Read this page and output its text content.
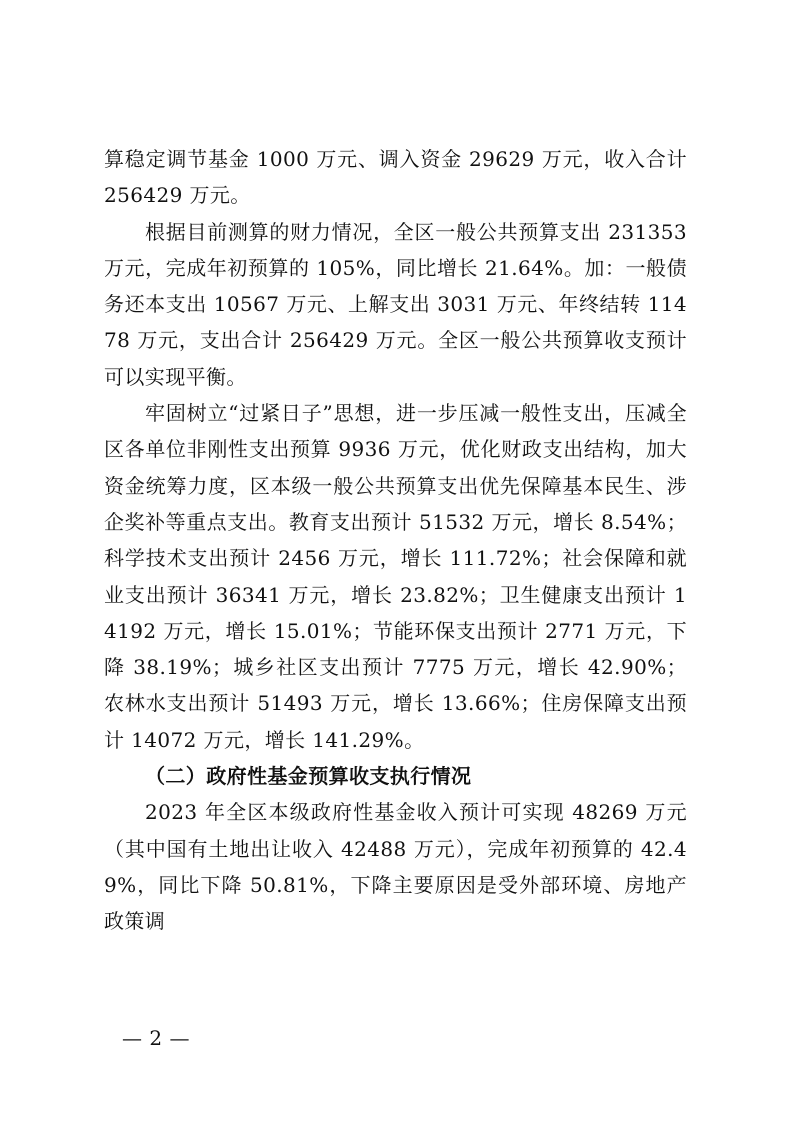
算稳定调节基金 1000 万元、调入资金 29629 万元，收入合计 256429 万元。

根据目前测算的财力情况，全区一般公共预算支出 231353 万元，完成年初预算的 105%，同比增长 21.64%。加：一般债务还本支出 10567 万元、上解支出 3031 万元、年终结转 11478 万元，支出合计 256429 万元。全区一般公共预算收支预计可以实现平衡。

牢固树立“过紧日子”思想，进一步压减一般性支出，压减全区各单位非刚性支出预算 9936 万元，优化财政支出结构，加大资金统筹力度，区本级一般公共预算支出优先保障基本民生、涉企奖补等重点支出。教育支出预计 51532 万元，增长 8.54%；科学技术支出预计 2456 万元，增长 111.72%；社会保障和就业支出预计 36341 万元，增长 23.82%；卫生健康支出预计 14192 万元，增长 15.01%；节能环保支出预计 2771 万元，下降 38.19%；城乡社区支出预计 7775 万元，增长 42.90%；农林水支出预计 51493 万元，增长 13.66%；住房保障支出预计 14072 万元，增长 141.29%。

（二）政府性基金预算收支执行情况

2023 年全区本级政府性基金收入预计可实现 48269 万元（其中国有土地出让收入 42488 万元），完成年初预算的 42.49%，同比下降 50.81%，下降主要原因是受外部环境、房地产政策调

— 2 —
